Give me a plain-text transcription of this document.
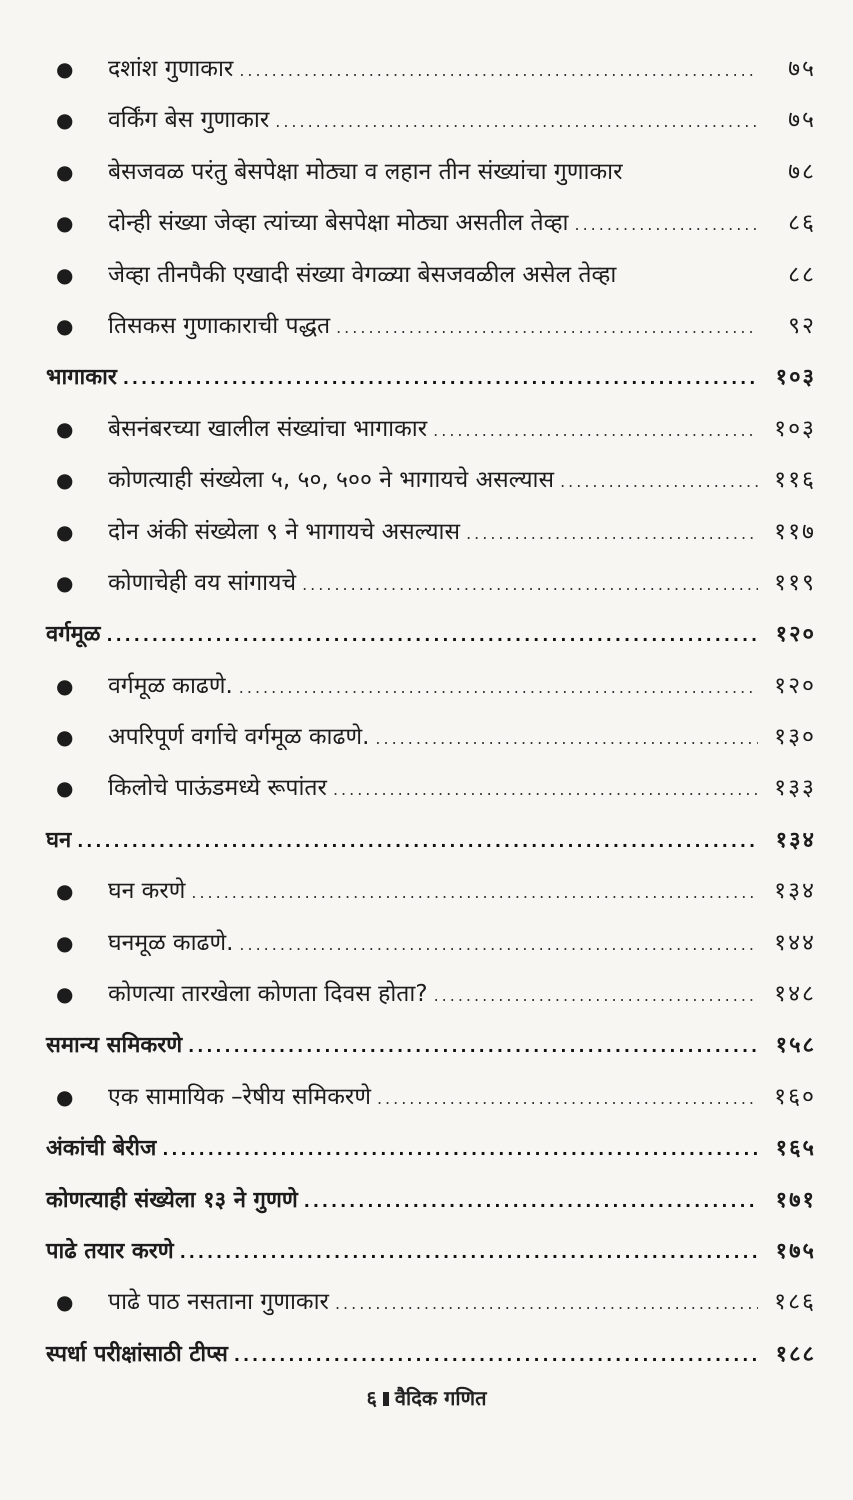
●	दशांश गुणाकार .....	७५
●	वर्किंग बेस गुणाकार .....	७५
●	बेसजवळ परंतु बेसपेक्षा मोठ्या व लहान तीन संख्यांचा गुणाकार	७८
●	दोन्ही संख्या जेव्हा त्यांच्या बेसपेक्षा मोठ्या असतील तेव्हा .....	८६
●	जेव्हा तीनपैकी एखादी संख्या वेगळ्या बेसजवळील असेल तेव्हा	८८
●	तिसकस गुणाकाराची पद्धत .....	९२
भागाकार .....	१०३
●	बेसनंबरच्या खालील संख्यांचा भागाकार .....	१०३
●	कोणत्याही संख्येला ५, ५०, ५०० ने भागायचे असल्यास .....	११६
●	दोन अंकी संख्येला ९ ने भागायचे असल्यास .....	११७
●	कोणाचेही वय सांगायचे .....	११९
वर्गमूळ .....	१२०
●	वर्गमूळ काढणे. .....	१२०
●	अपरिपूर्ण वर्गाचे वर्गमूळ काढणे. .....	१३०
●	किलोचे पाऊंडमध्ये रूपांतर .....	१३३
घन .....	१३४
●	घन करणे .....	१३४
●	घनमूळ काढणे. .....	१४४
●	कोणत्या तारखेला कोणता दिवस होता? .....	१४८
समान्य समिकरणे .....	१५८
●	एक सामायिक –रेषीय समिकरणे .....	१६०
अंकांची बेरीज .....	१६५
कोणत्याही संख्येला १३ ने गुणणे .....	१७१
पाढे तयार करणे .....	१७५
●	पाढे पाठ नसताना गुणाकार .....	१८६
स्पर्धा परीक्षांसाठी टीप्स .....	१८८
६ वैदिक गणित
